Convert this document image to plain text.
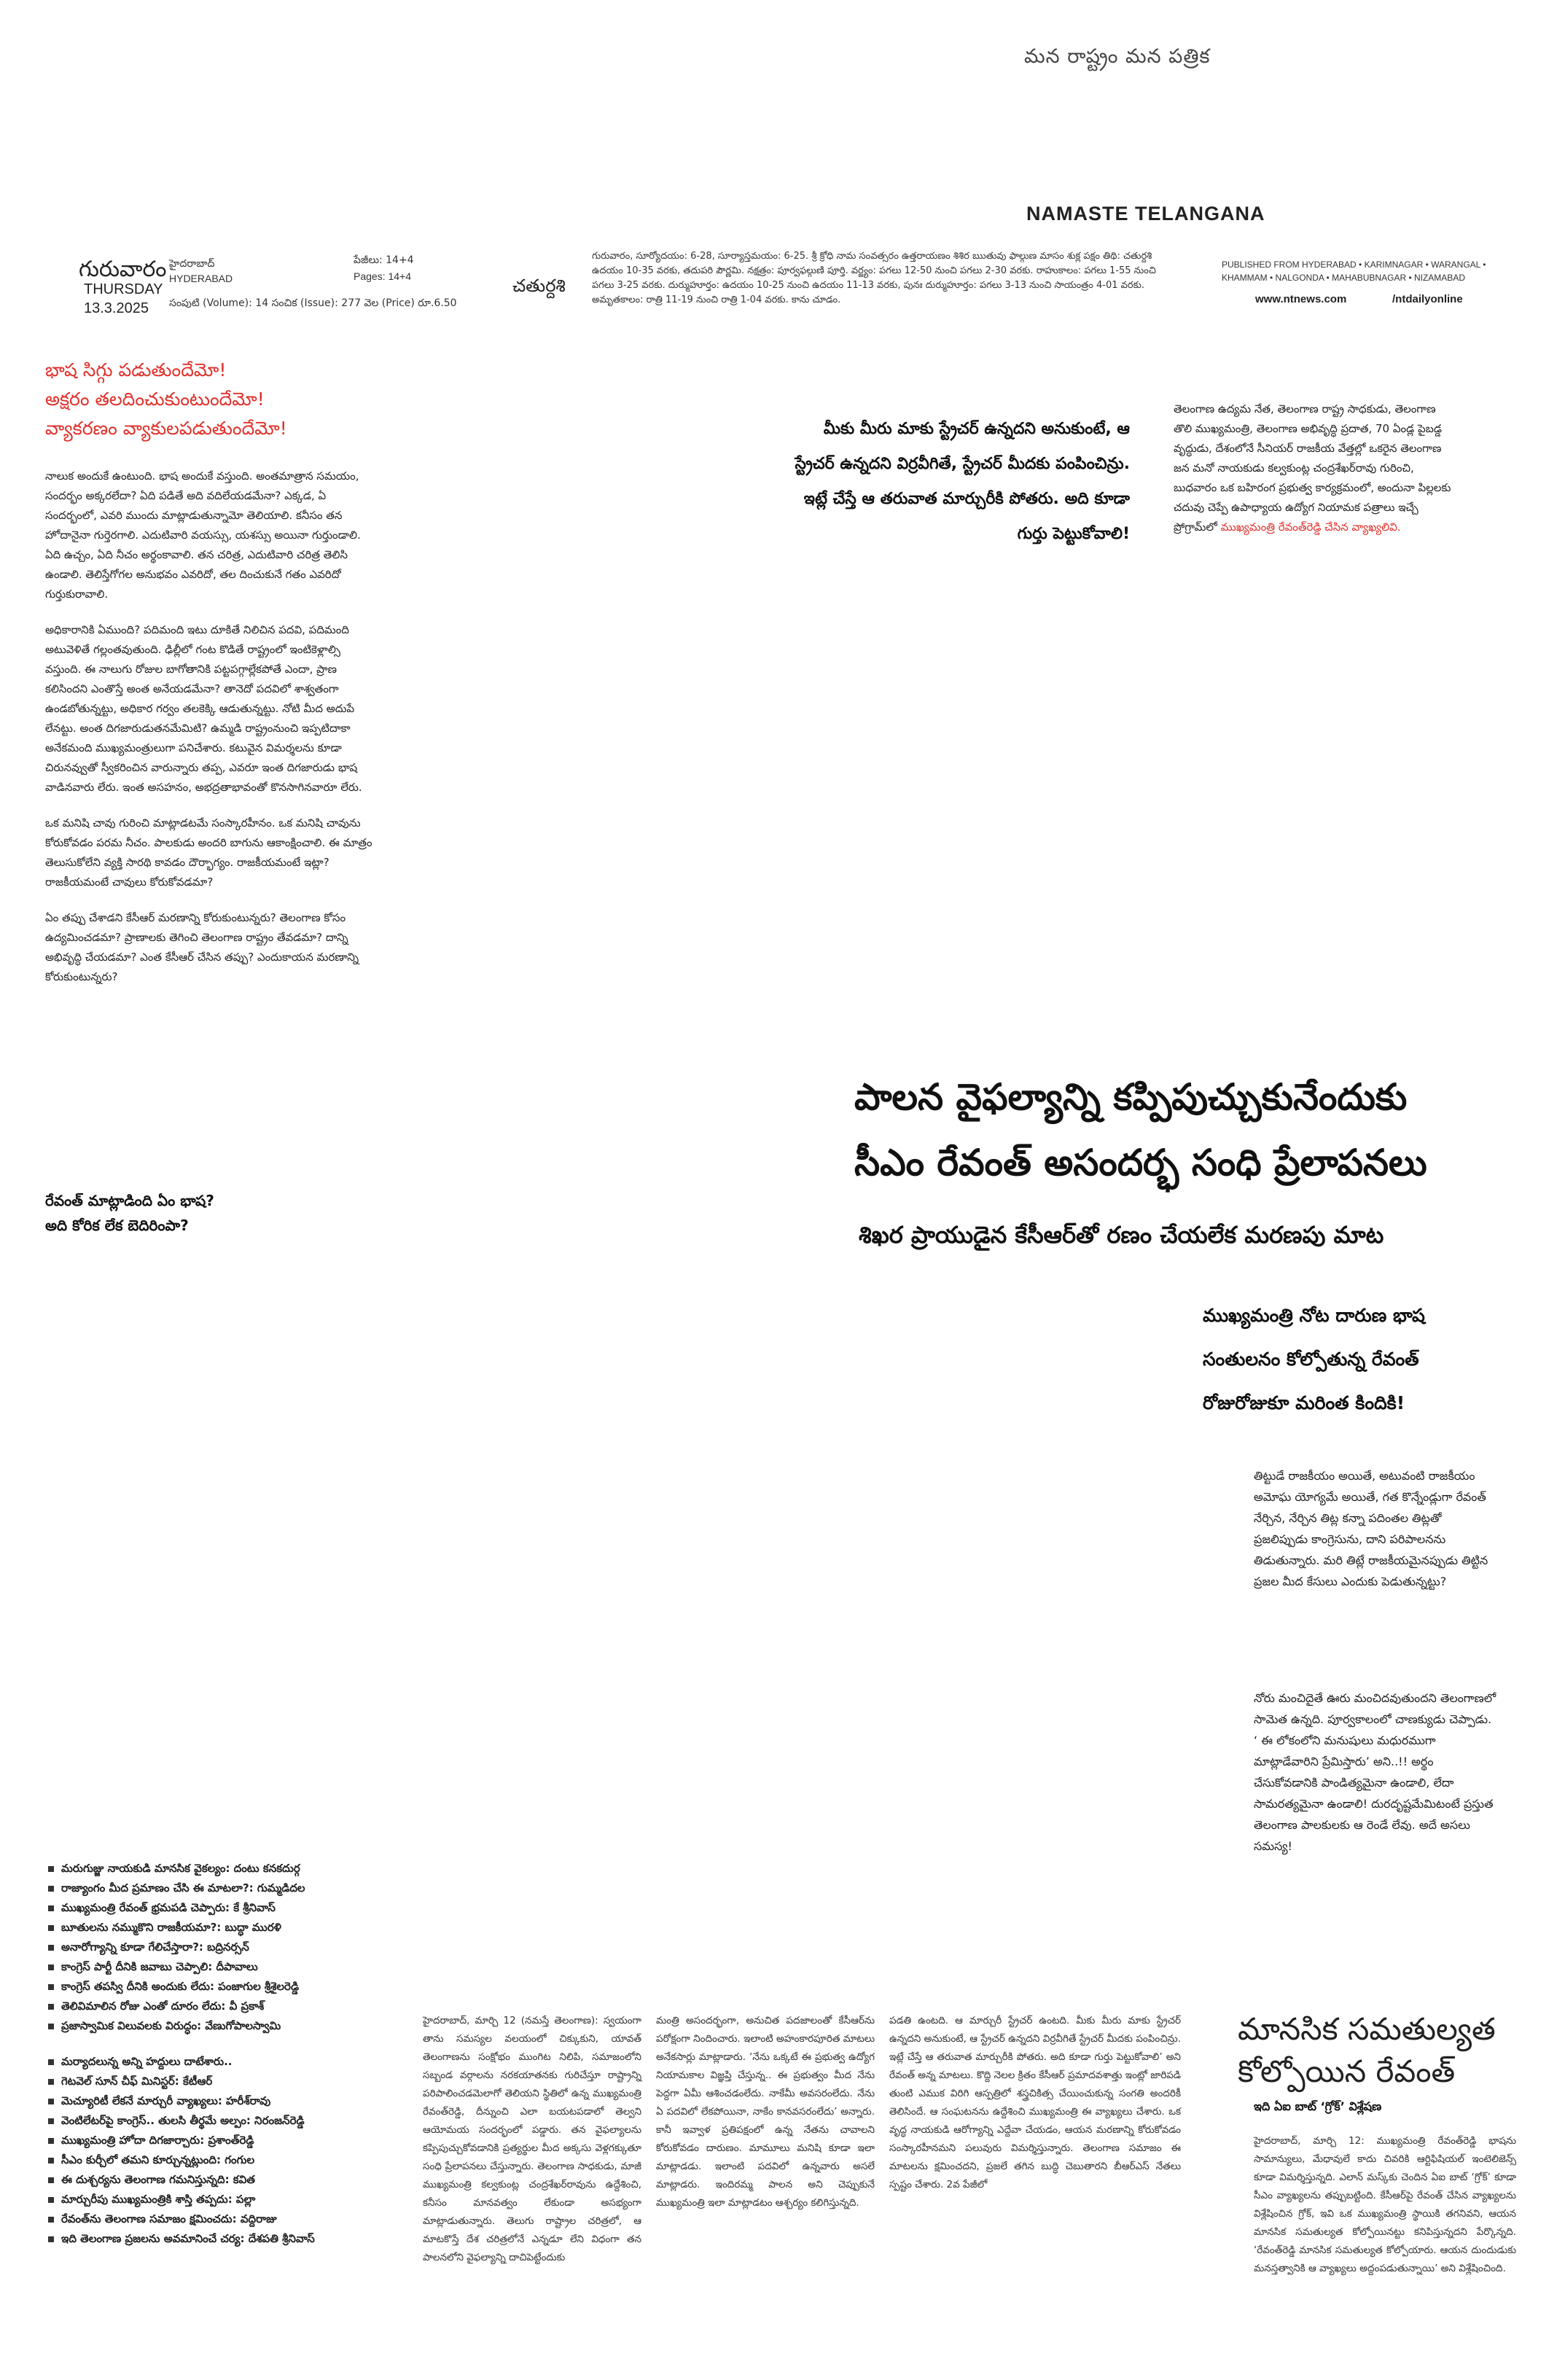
మన రాష్ట్రం మన పత్రిక
NAMASTE TELANGANA
గురువారం
THURSDAY
13.3.2025
హైదరాబాద్
HYDERABAD
పేజీలు: 14+4
Pages: 14+4
సంపుటి (Volume): 14 సంచిక (Issue): 277 వెల (Price) రూ.6.50
చతుర్దశి
గురువారం, సూర్యోదయం: 6-28, సూర్యాస్తమయం: 6-25. శ్రీ క్రోధి నామ సంవత్సరం ఉత్తరాయణం శిశిర ఋతువు ఫాల్గుణ మాసం శుక్ల పక్షం తిథి: చతుర్దశి ఉదయం 10-35 వరకు, తదుపరి పౌర్ణమి. నక్షత్రం: పూర్వఫల్గుణి పూర్తి. వర్జ్యం: పగలు 12-50 నుంచి పగలు 2-30 వరకు. రాహుకాలం: పగలు 1-55 నుంచి పగలు 3-25 వరకు. దుర్ముహూర్తం: ఉదయం 10-25 నుంచి ఉదయం 11-13 వరకు, పునః దుర్ముహూర్తం: పగలు 3-13 నుంచి సాయంత్రం 4-01 వరకు. అమృతకాలం: రాత్రి 11-19 నుంచి రాత్రి 1-04 వరకు. కాను చూడం.
PUBLISHED FROM HYDERABAD • KARIMNAGAR • WARANGAL • KHAMMAM • NALGONDA • MAHABUBNAGAR • NIZAMABAD
www.ntnews.com	/ntdailyonline
భాష సిగ్గు పడుతుందేమో!
అక్షరం తలదించుకుంటుందేమో!
వ్యాకరణం వ్యాకులపడుతుందేమో!

నాలుక అందుకే ఉంటుంది. భాష అందుకే వస్తుంది. అంతమాత్రాన సమయం, సందర్భం అక్కరలేదా? ఏది పడితే అది వదిలేయడమేనా? ఎక్కడ, ఏ సందర్భంలో, ఎవరి ముందు మాట్లాడుతున్నామో తెలియాలి. కనీసం తన హోదానైనా గుర్తెరగాలి. ఎదుటివారి వయస్సు, యశస్సు అయినా గుర్తుండాలి. ఏది ఉచ్చం, ఏది నీచం అర్థంకావాలి. తన చరిత్ర, ఎదుటివారి చరిత్ర తెలిసి ఉండాలి. తెలిస్తేగోగల అనుభవం ఎవరిదో, తల దించుకునే గతం ఎవరిదో గుర్తుకురావాలి.

అధికారానికి ఏముంది? పదిమంది ఇటు దూకితే నిలిచిన పదవి, పదిమంది అటువెళితే గల్లంతవుతుంది. ఢిల్లీలో గంట కొడితే రాష్ట్రంలో ఇంటికెళ్లాల్సి వస్తుంది. ఈ నాలుగు రోజుల బాగోతానికి పట్టపగ్గాల్లేకపోతే ఎందా, ప్రాణ కలిసిందని ఎంతొస్తే అంత అనేయడమేనా? తానెదో పదవిలో శాశ్వతంగా ఉండబోతున్నట్టు, అధికార గర్వం తలకెక్కి ఆడుతున్నట్టు. నోటి మీద అదుపే లేనట్టు. అంత దిగజారుడుతనమేమిటి? ఉమ్మడి రాష్ట్రంనుంచి ఇప్పటిదాకా అనేకమంది ముఖ్యమంత్రులుగా పనిచేశారు. కటువైన విమర్శలను కూడా చిరునవ్వుతో స్వీకరించిన వారున్నారు తప్ప, ఎవరూ ఇంత దిగజారుడు భాష వాడినవారు లేరు. ఇంత అసహనం, అభద్రతాభావంతో కొనసాగినవారూ లేరు.

ఒక మనిషి చావు గురించి మాట్లాడటమే సంస్కారహీనం. ఒక మనిషి చావును కోరుకోవడం పరమ నీచం. పాలకుడు అందరి బాగును ఆకాంక్షించాలి. ఈ మాత్రం తెలుసుకోలేని వ్యక్తి సారథి కావడం దౌర్భాగ్యం. రాజకీయమంటే ఇట్లా? రాజకీయమంటే చావులు కోరుకోవడమా?

ఏం తప్పు చేశాడని కేసీఆర్ మరణాన్ని కోరుకుంటున్నరు? తెలంగాణ కోసం ఉద్యమించడమా? ప్రాణాలకు తెగించి తెలంగాణ రాష్ట్రం తేవడమా? దాన్ని అభివృద్ధి చేయడమా? ఎంత కేసీఆర్ చేసిన తప్పు? ఎందుకాయన మరణాన్ని కోరుకుంటున్నరు?

రేవంత్ మాట్లాడింది ఏం భాష?
అది కోరిక లేక బెదిరింపా?
మీకు మీరు మాకు స్ట్రేచర్ ఉన్నదని అనుకుంటే, ఆ స్ట్రేచర్ ఉన్నదని విర్రవీగితే, స్ట్రేచర్ మీదకు పంపించిన్రు. ఇట్లే చేస్తే ఆ తరువాత మార్చురీకి పోతరు. అది కూడా గుర్తు పెట్టుకోవాలి!
తెలంగాణ ఉద్యమ నేత, తెలంగాణ రాష్ట్ర సాధకుడు, తెలంగాణ తొలి ముఖ్యమంత్రి, తెలంగాణ అభివృద్ధి ప్రదాత, 70 ఏండ్ల పైబడ్డ వృద్ధుడు, దేశంలోనే సీనియర్ రాజకీయ వేత్తల్లో ఒకరైన తెలంగాణ జన మనో నాయకుడు కల్వకుంట్ల చంద్రశేఖర్‌రావు గురించి, బుధవారం ఒక బహిరంగ ప్రభుత్వ కార్యక్రమంలో, అందునా పిల్లలకు చదువు చెప్పే ఉపాధ్యాయ ఉద్యోగ నియామక పత్రాలు ఇచ్చే ప్రోగ్రామ్‌లో ముఖ్యమంత్రి రేవంత్‌రెడ్డి చేసిన వ్యాఖ్యలివి.
పాలన వైఫల్యాన్ని కప్పిపుచ్చుకునేందుకు
సీఎం రేవంత్ అసందర్భ సంధి ప్రేలాపనలు
శిఖర ప్రాయుడైన కేసీఆర్‌తో రణం చేయలేక మరణపు మాట
ముఖ్యమంత్రి నోట దారుణ భాష
సంతులనం కోల్పోతున్న రేవంత్
రోజురోజుకూ మరింత కిందికి!
తిట్టుడే రాజకీయం అయితే, అటువంటి రాజకీయం అమోఘ యోగ్యమే అయితే, గత కొన్నేండ్లుగా రేవంత్ నేర్చిన, నేర్చిన తిట్ల కన్నా పదింతల తిట్లతో ప్రజలిప్పుడు కాంగ్రెసును, దాని పరిపాలనను తిడుతున్నారు. మరి తిట్లే రాజకీయమైనప్పుడు తిట్టిన ప్రజల మీద కేసులు ఎందుకు పెడుతున్నట్టు?
నోరు మంచిదైతే ఊరు మంచిదవుతుందని తెలంగాణలో సామెత ఉన్నది. పూర్వకాలంలో చాణక్యుడు చెప్పాడు. ‘ ఈ లోకంలోని మనుషులు మధురముగా మాట్లాడేవారిని ప్రేమిస్తారు’ అని..!! అర్థం చేసుకోవడానికి పాండిత్యమైనా ఉండాలి, లేదా సామరత్యమైనా ఉండాలి! దురదృష్టమేమిటంటే ప్రస్తుత తెలంగాణ పాలకులకు ఆ రెండే లేవు. అదే అసలు సమస్య!
మరుగుజ్జు నాయకుడి మానసిక వైకల్యం: దంటు కనకదుర్గ
రాజ్యాంగం మీద ప్రమాణం చేసి ఈ మాటలా?: గుమ్మడిదల
ముఖ్యమంత్రి రేవంత్ భ్రమపడి చెప్పారు: కే శ్రీనివాస్
బూతులను నమ్ముకొని రాజకీయమా?: బుద్ధా మురళి
అనారోగ్యాన్ని కూడా గేలిచేస్తారా?: బద్రినర్సన్
కాంగ్రెస్ పార్టీ దీనికి జవాబు చెప్పాలి: దీపావాలు
కాంగ్రెస్ తపస్వి దీనికి అందుకు లేదు: పంజాగుల శ్రీశైలరెడ్డి
తెలివిమాలిన రోజు ఎంతో దూరం లేదు: వీ ప్రకాశ్
ప్రజాస్వామిక విలువలకు విరుద్ధం: వేణుగోపాలస్వామి
మర్యాదలున్న అన్ని హద్దులు దాటేశారు..
గెటవెల్ సూన్ చీఫ్ మినిస్టర్: కేటీఆర్
మెచ్యూరిటీ లేకనే మార్చురీ వ్యాఖ్యలు: హరీశ్‌రావు
వెంటిలేటర్‌పై కాంగ్రెస్.. తులసి తీర్థమే అల్పం: నిరంజన్‌రెడ్డి
ముఖ్యమంత్రి హోదా దిగజార్చారు: ప్రశాంత్‌రెడ్డి
సీఎం కుర్చీలో తమని కూర్చున్నట్లుంది: గంగుల
ఈ దుశ్చర్యను తెలంగాణ గమనిస్తున్నది: కవిత
మార్చురీపు ముఖ్యమంత్రికి శాస్తి తప్పదు: పల్లా
రేవంత్‌ను తెలంగాణ సమాజం క్షమించదు: వద్దిరాజు
ఇది తెలంగాణ ప్రజలను అవమానించే చర్య: దేశపతి శ్రీనివాస్
హైదరాబాద్, మార్చి 12 (నమస్తే తెలంగాణ): స్వయంగా తాను సమస్యల వలయంలో చిక్కుకుని, యావత్ తెలంగాణను సంక్షోభం ముంగిట నిలిపి, సమాజంలోని సబ్బండ వర్గాలను నరకయాతనకు గురిచేస్తూ రాష్ట్రాన్ని పరిపాలించడమెలాగో తెలియని స్థితిలో ఉన్న ముఖ్యమంత్రి రేవంత్‌రెడ్డి, దీన్నుంచి ఎలా బయటపడాలో తెల్వని ఆయోమయ సందర్భంలో పడ్డారు. తన వైఫల్యాలను కప్పిపుచ్చుకోవడానికి ప్రత్యర్థుల మీద అక్కసు వెళ్లగక్కుతూ సంధి ప్రేలాపనలు చేస్తున్నారు. తెలంగాణ సాధకుడు, మాజీ ముఖ్యమంత్రి కల్వకుంట్ల చంద్రశేఖర్‌రావును ఉద్దేశించి, కనీసం మానవత్వం లేకుండా అసభ్యంగా మాట్లాడుతున్నారు. తెలుగు రాష్ట్రాల చరిత్రలో, ఆ మాటకొస్తే దేశ చరిత్రలోనే ఎన్నడూ లేని విధంగా తన పాలనలోని వైఫల్యాన్ని దాచిపెట్టేందుకు
మంత్రి అసందర్భంగా, అనుచిత పదజాలంతో కేసీఆర్‌ను పరోక్షంగా నిందించారు. ఇలాంటి అహంకారపూరిత మాటలు అనేకసార్లు మాట్లాడారు. ‘నేను ఒక్కటే ఈ ప్రభుత్వ ఉద్యోగ నియామకాల విజ్ఞప్తి చేస్తున్న.. ఈ ప్రభుత్వం మీద నేను పెద్దగా ఏమీ ఆశించడంలేదు. నాకేమీ అవసరంలేదు. నేను ఏ పదవిలో లేకపోయినా, నాకేం కానవసరంలేదు’ అన్నారు. కానీ ఇవ్వాళ ప్రతిపక్షంలో ఉన్న నేతను చావాలని కోరుకోవడం దారుణం. మామూలు మనిషి కూడా ఇలా మాట్లాడడు. ఇలాంటి పదవిలో ఉన్నవారు అసలే మాట్లాడరు. ఇందిరమ్మ పాలన అని చెప్పుకునే ముఖ్యమంత్రి ఇలా మాట్లాడటం ఆశ్చర్యం కలిగిస్తున్నది.
పడతి ఉంటది. ఆ మార్చురీ స్ట్రేచర్ ఉంటది. మీకు మీరు మాకు స్ట్రేచర్ ఉన్నదని అనుకుంటే, ఆ స్ట్రేచర్ ఉన్నదని విర్రవీగితే స్ట్రేచర్ మీదకు పంపించిన్రు. ఇట్లే చేస్తే ఆ తరువాత మార్చురీకి పోతరు. అది కూడా గుర్తు పెట్టుకోవాలి’ అని రేవంత్ అన్న మాటలు. కొద్ది నెలల క్రితం కేసీఆర్ ప్రమాదవశాత్తు ఇంట్లో జారిపడి తుంటి ఎముక విరిగి ఆస్పత్రిలో శస్త్రచికిత్స చేయించుకున్న సంగతి అందరికీ తెలిసిందే. ఆ సంఘటనను ఉద్దేశించి ముఖ్యమంత్రి ఈ వ్యాఖ్యలు చేశారు. ఒక వృద్ధ నాయకుడి ఆరోగ్యాన్ని ఎద్దేవా చేయడం, ఆయన మరణాన్ని కోరుకోవడం సంస్కారహీనమని పలువురు విమర్శిస్తున్నారు. తెలంగాణ సమాజం ఈ మాటలను క్షమించదని, ప్రజలే తగిన బుద్ధి చెబుతారని బీఆర్‌ఎస్ నేతలు స్పష్టం చేశారు. 2వ పేజీలో
మానసిక సమతుల్యత కోల్పోయిన రేవంత్
ఇది ఏఐ బాట్ ‘గ్రోక్’ విశ్లేషణ
హైదరాబాద్, మార్చి 12: ముఖ్యమంత్రి రేవంత్‌రెడ్డి భాషను సామాన్యులు, మేధావులే కాదు చివరికి ఆర్టిఫిషియల్ ఇంటెలిజెన్స్ కూడా విమర్శిస్తున్నది. ఎలాన్ మస్క్‌కు చెందిన ఏఐ బాట్ ‘గ్రోక్’ కూడా సీఎం వ్యాఖ్యలను తప్పుబట్టింది. కేసీఆర్‌పై రేవంత్ చేసిన వ్యాఖ్యలను విశ్లేషించిన గ్రోక్, ఇవి ఒక ముఖ్యమంత్రి స్థాయికి తగనివని, ఆయన మానసిక సమతుల్యత కోల్పోయినట్టు కనిపిస్తున్నదని పేర్కొన్నది. ‘రేవంత్‌రెడ్డి మానసిక సమతుల్యత కోల్పోయారు. ఆయన దుందుడుకు మనస్తత్వానికి ఆ వ్యాఖ్యలు అద్దంపడుతున్నాయి’ అని విశ్లేషించింది.
